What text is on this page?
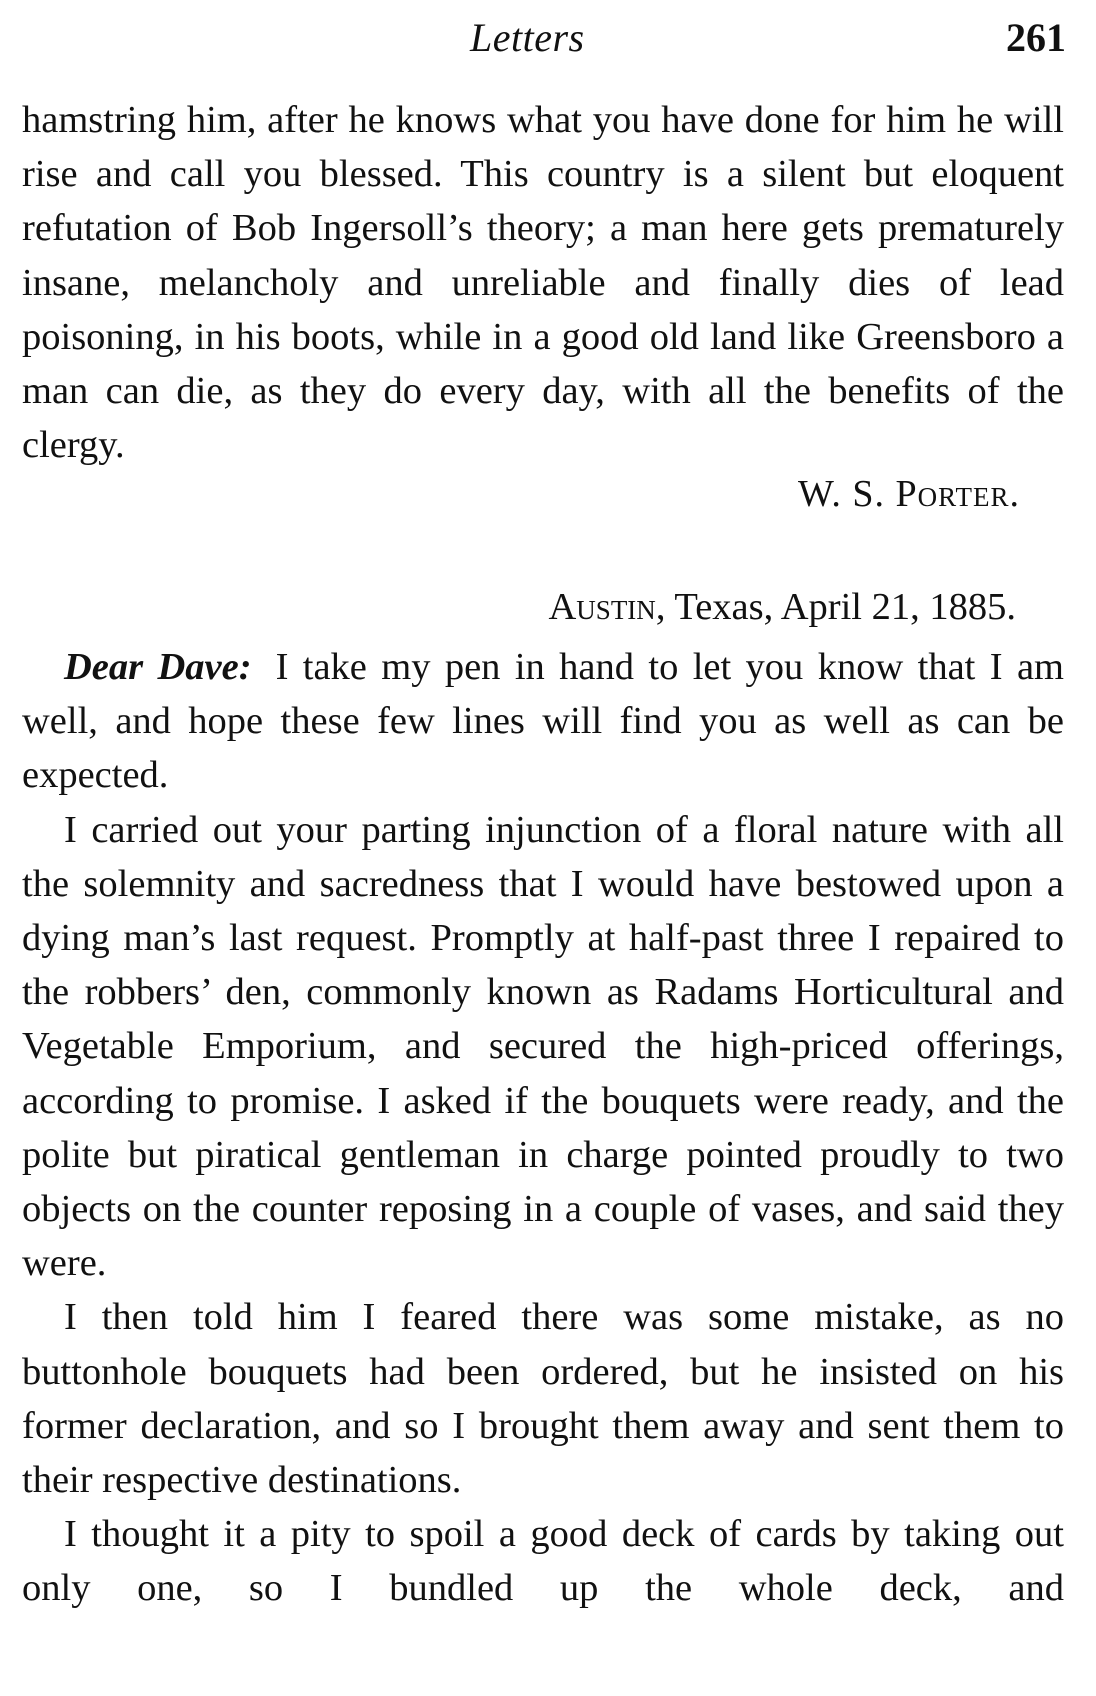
Letters	261

hamstring him, after he knows what you have done for him he will rise and call you blessed. This country is a silent but eloquent refutation of Bob Ingersoll’s theory; a man here gets prematurely insane, melancholy and unreliable and finally dies of lead poisoning, in his boots, while in a good old land like Greensboro a man can die, as they do every day, with all the benefits of the clergy.

W. S. Porter.
Austin, Texas, April 21, 1885.

Dear Dave: I take my pen in hand to let you know that I am well, and hope these few lines will find you as well as can be expected.

I carried out your parting injunction of a floral nature with all the solemnity and sacredness that I would have bestowed upon a dying man’s last request. Promptly at half-past three I repaired to the robbers’ den, commonly known as Radams Horticultural and Vegetable Emporium, and secured the high-priced offerings, according to promise. I asked if the bouquets were ready, and the polite but piratical gentleman in charge pointed proudly to two objects on the counter reposing in a couple of vases, and said they were.

I then told him I feared there was some mistake, as no buttonhole bouquets had been ordered, but he insisted on his former declaration, and so I brought them away and sent them to their respective destinations.

I thought it a pity to spoil a good deck of cards by taking out only one, so I bundled up the whole deck, and
